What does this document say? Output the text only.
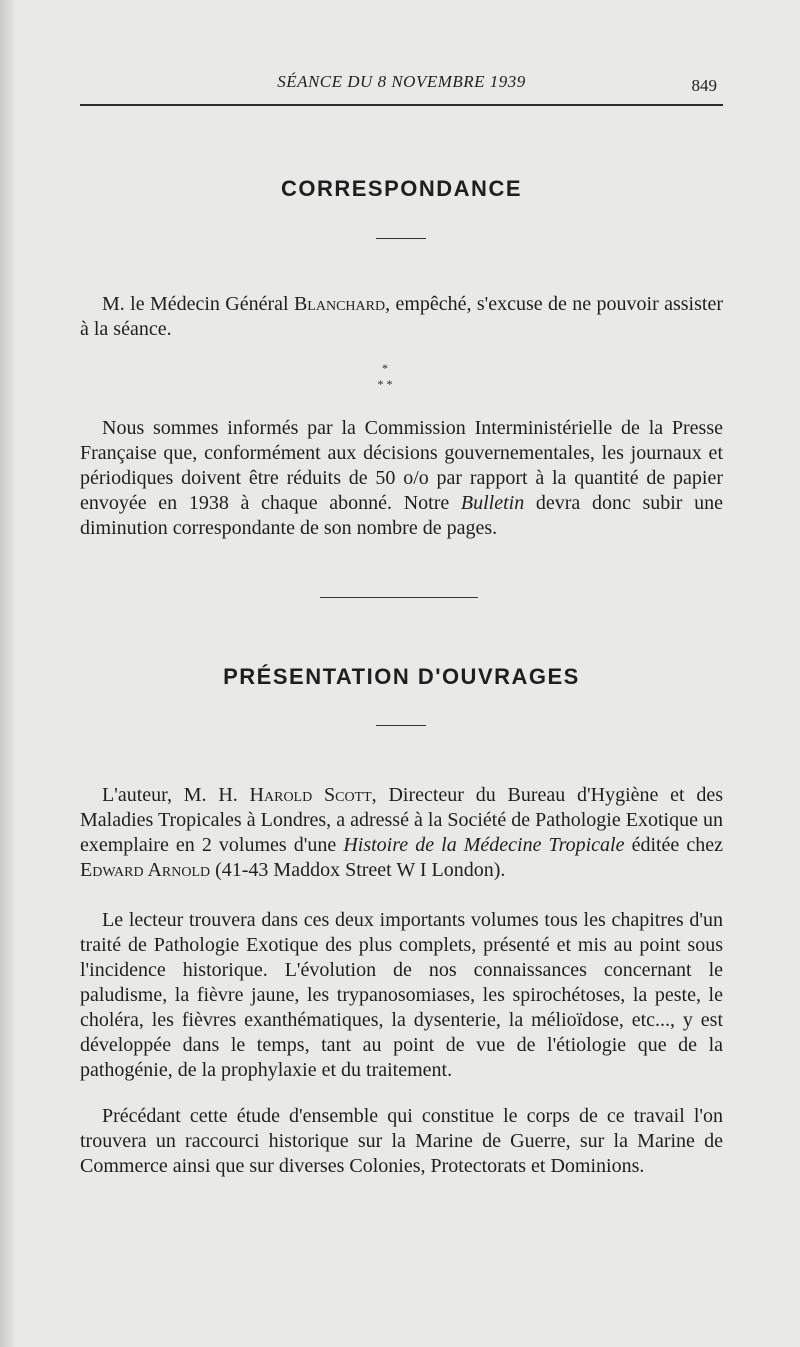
SÉANCE DU 8 NOVEMBRE 1939	849
CORRESPONDANCE

M. le Médecin Général Blanchard, empêché, s'excuse de ne pouvoir assister à la séance.

*
* *

Nous sommes informés par la Commission Interministérielle de la Presse Française que, conformément aux décisions gouvernementales, les journaux et périodiques doivent être réduits de 50 o/o par rapport à la quantité de papier envoyée en 1938 à chaque abonné. Notre Bulletin devra donc subir une diminution correspondante de son nombre de pages.

PRÉSENTATION D'OUVRAGES

L'auteur, M. H. Harold Scott, Directeur du Bureau d'Hygiène et des Maladies Tropicales à Londres, a adressé à la Société de Pathologie Exotique un exemplaire en 2 volumes d'une Histoire de la Médecine Tropicale éditée chez Edward Arnold (41-43 Maddox Street W I London).

Le lecteur trouvera dans ces deux importants volumes tous les chapitres d'un traité de Pathologie Exotique des plus complets, présenté et mis au point sous l'incidence historique. L'évolution de nos connaissances concernant le paludisme, la fièvre jaune, les trypanosomiases, les spirochétoses, la peste, le choléra, les fièvres exanthématiques, la dysenterie, la mélioïdose, etc..., y est développée dans le temps, tant au point de vue de l'étiologie que de la pathogénie, de la prophylaxie et du traitement.

Précédant cette étude d'ensemble qui constitue le corps de ce travail l'on trouvera un raccourci historique sur la Marine de Guerre, sur la Marine de Commerce ainsi que sur diverses Colonies, Protectorats et Dominions.
